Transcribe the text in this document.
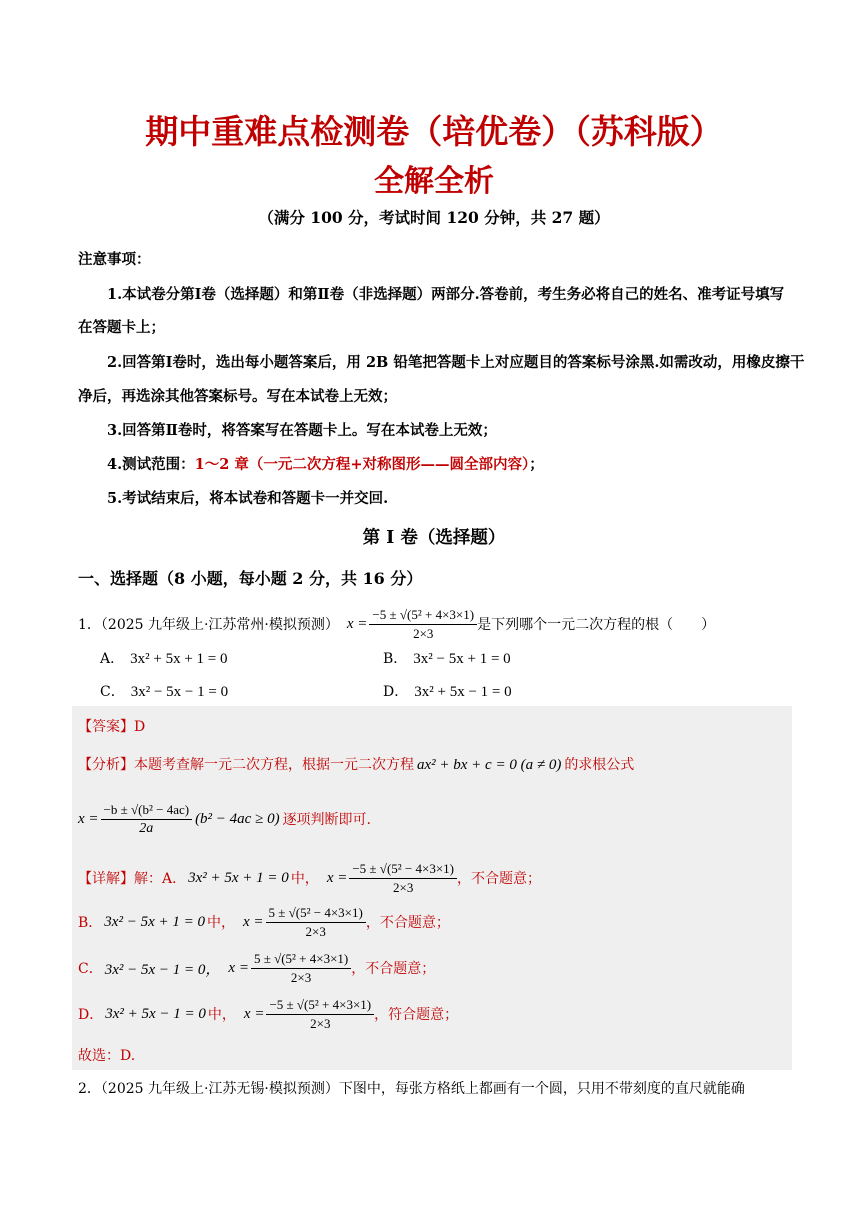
期中重难点检测卷（培优卷）（苏科版）
全解全析
（满分 100 分，考试时间 120 分钟，共 27 题）
注意事项：
1.本试卷分第Ⅰ卷（选择题）和第Ⅱ卷（非选择题）两部分.答卷前，考生务必将自己的姓名、准考证号填写
在答题卡上；
2.回答第Ⅰ卷时，选出每小题答案后，用 2B 铅笔把答题卡上对应题目的答案标号涂黑.如需改动，用橡皮擦干
净后，再选涂其他答案标号。写在本试卷上无效；
3.回答第Ⅱ卷时，将答案写在答题卡上。写在本试卷上无效；
4.测试范围：1～2 章（一元二次方程+对称图形——圆全部内容）；
5.考试结束后，将本试卷和答题卡一并交回.
第 I 卷（选择题）
一、选择题（8 小题，每小题 2 分，共 16 分）
1．（2025 九年级上·江苏常州·模拟预测） $x = \frac{\text{−5 ± √(5² + 4×3×1)}}{2\times 3}$ 是下列哪个一元二次方程的根（　　）
A． 3x² + 5x + 1 = 0	B． 3x² − 5x + 1 = 0
C． 3x² − 5x − 1 = 0	D． 3x² + 5x − 1 = 0
【答案】D
【分析】本题考查解一元二次方程，根据一元二次方程 ax² + bx + c = 0 (a ≠ 0) 的求根公式
$x = \frac{\text{−b ± √(b² − 4ac)}}{2a} (b^2 - 4ac \ge 0)$ 逐项判断即可.
【详解】 解：A． 3x² + 5x + 1 = 0 中， $x = \frac{\text{−5 ± √(5² − 4×3×1)}}{2\times 3}$ ，不合题意；
B． 3x² − 5x + 1 = 0 中， $x = \frac{\text{5 ± √(5² − 4×3×1)}}{2\times 3}$ ，不合题意；
C． 3x² − 5x − 1 = 0， $x = \frac{\text{5 ± √(5² + 4×3×1)}}{2\times 3}$ ，不合题意；
D． 3x² + 5x − 1 = 0 中， $x = \frac{\text{−5 ± √(5² + 4×3×1)}}{2\times 3}$ ，符合题意；
故选：D.
2．（2025 九年级上·江苏无锡·模拟预测）下图中，每张方格纸上都画有一个圆，只用不带刻度的直尺就能确
